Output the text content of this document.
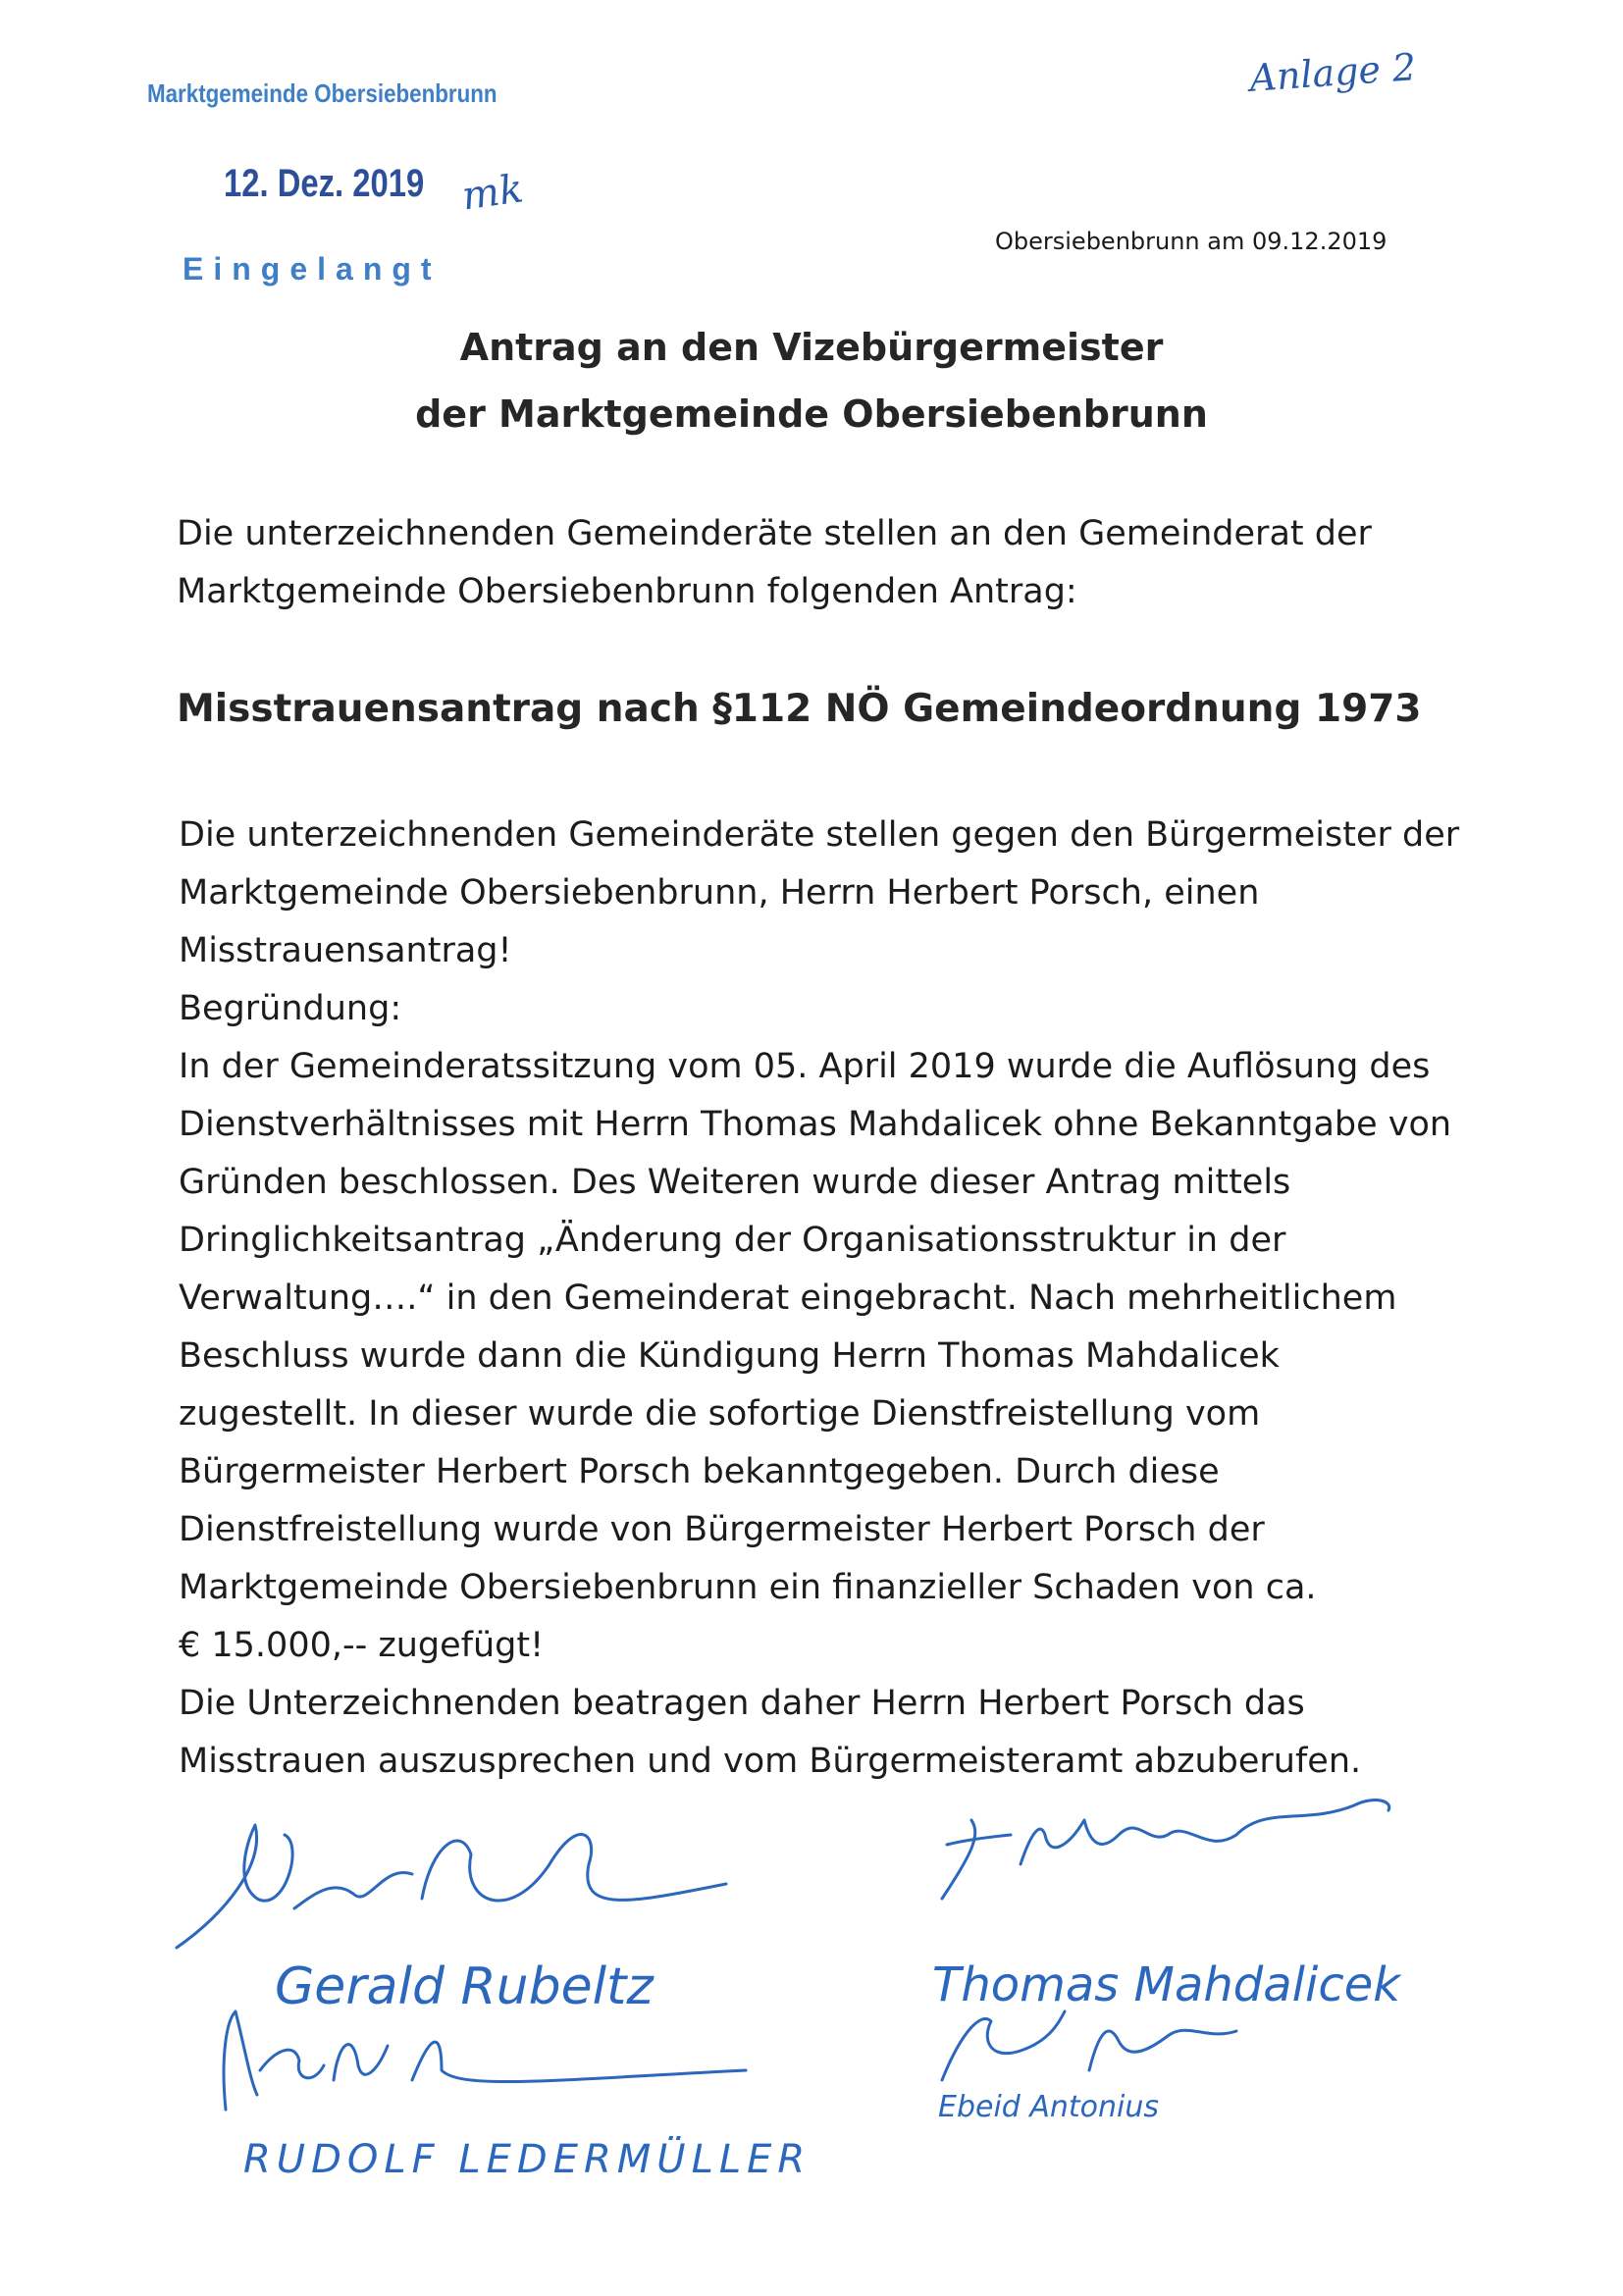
Marktgemeinde Obersiebenbrunn
12. Dez. 2019
Eingelangt
Anlage 2
mk
Obersiebenbrunn am 09.12.2019
Antrag an den Vizebürgermeister
der Marktgemeinde Obersiebenbrunn
Die unterzeichnenden Gemeinderäte stellen an den Gemeinderat der
Marktgemeinde Obersiebenbrunn folgenden Antrag:
Misstrauensantrag nach §112 NÖ Gemeindeordnung 1973
Die unterzeichnenden Gemeinderäte stellen gegen den Bürgermeister der
Marktgemeinde Obersiebenbrunn, Herrn Herbert Porsch, einen
Misstrauensantrag!
Begründung:
In der Gemeinderatssitzung vom 05. April 2019 wurde die Auflösung des
Dienstverhältnisses mit Herrn Thomas Mahdalicek ohne Bekanntgabe von
Gründen beschlossen. Des Weiteren wurde dieser Antrag mittels
Dringlichkeitsantrag „Änderung der Organisationsstruktur in der
Verwaltung….“ in den Gemeinderat eingebracht. Nach mehrheitlichem
Beschluss wurde dann die Kündigung Herrn Thomas Mahdalicek
zugestellt. In dieser wurde die sofortige Dienstfreistellung vom
Bürgermeister Herbert Porsch bekanntgegeben. Durch diese
Dienstfreistellung wurde von Bürgermeister Herbert Porsch der
Marktgemeinde Obersiebenbrunn ein finanzieller Schaden von ca.
€ 15.000,-- zugefügt!
Die Unterzeichnenden beatragen daher Herrn Herbert Porsch das
Misstrauen auszusprechen und vom Bürgermeisteramt abzuberufen.
Gerald Rubeltz
RUDOLF LEDERMÜLLER
Thomas Mahdalicek
Ebeid Antonius
